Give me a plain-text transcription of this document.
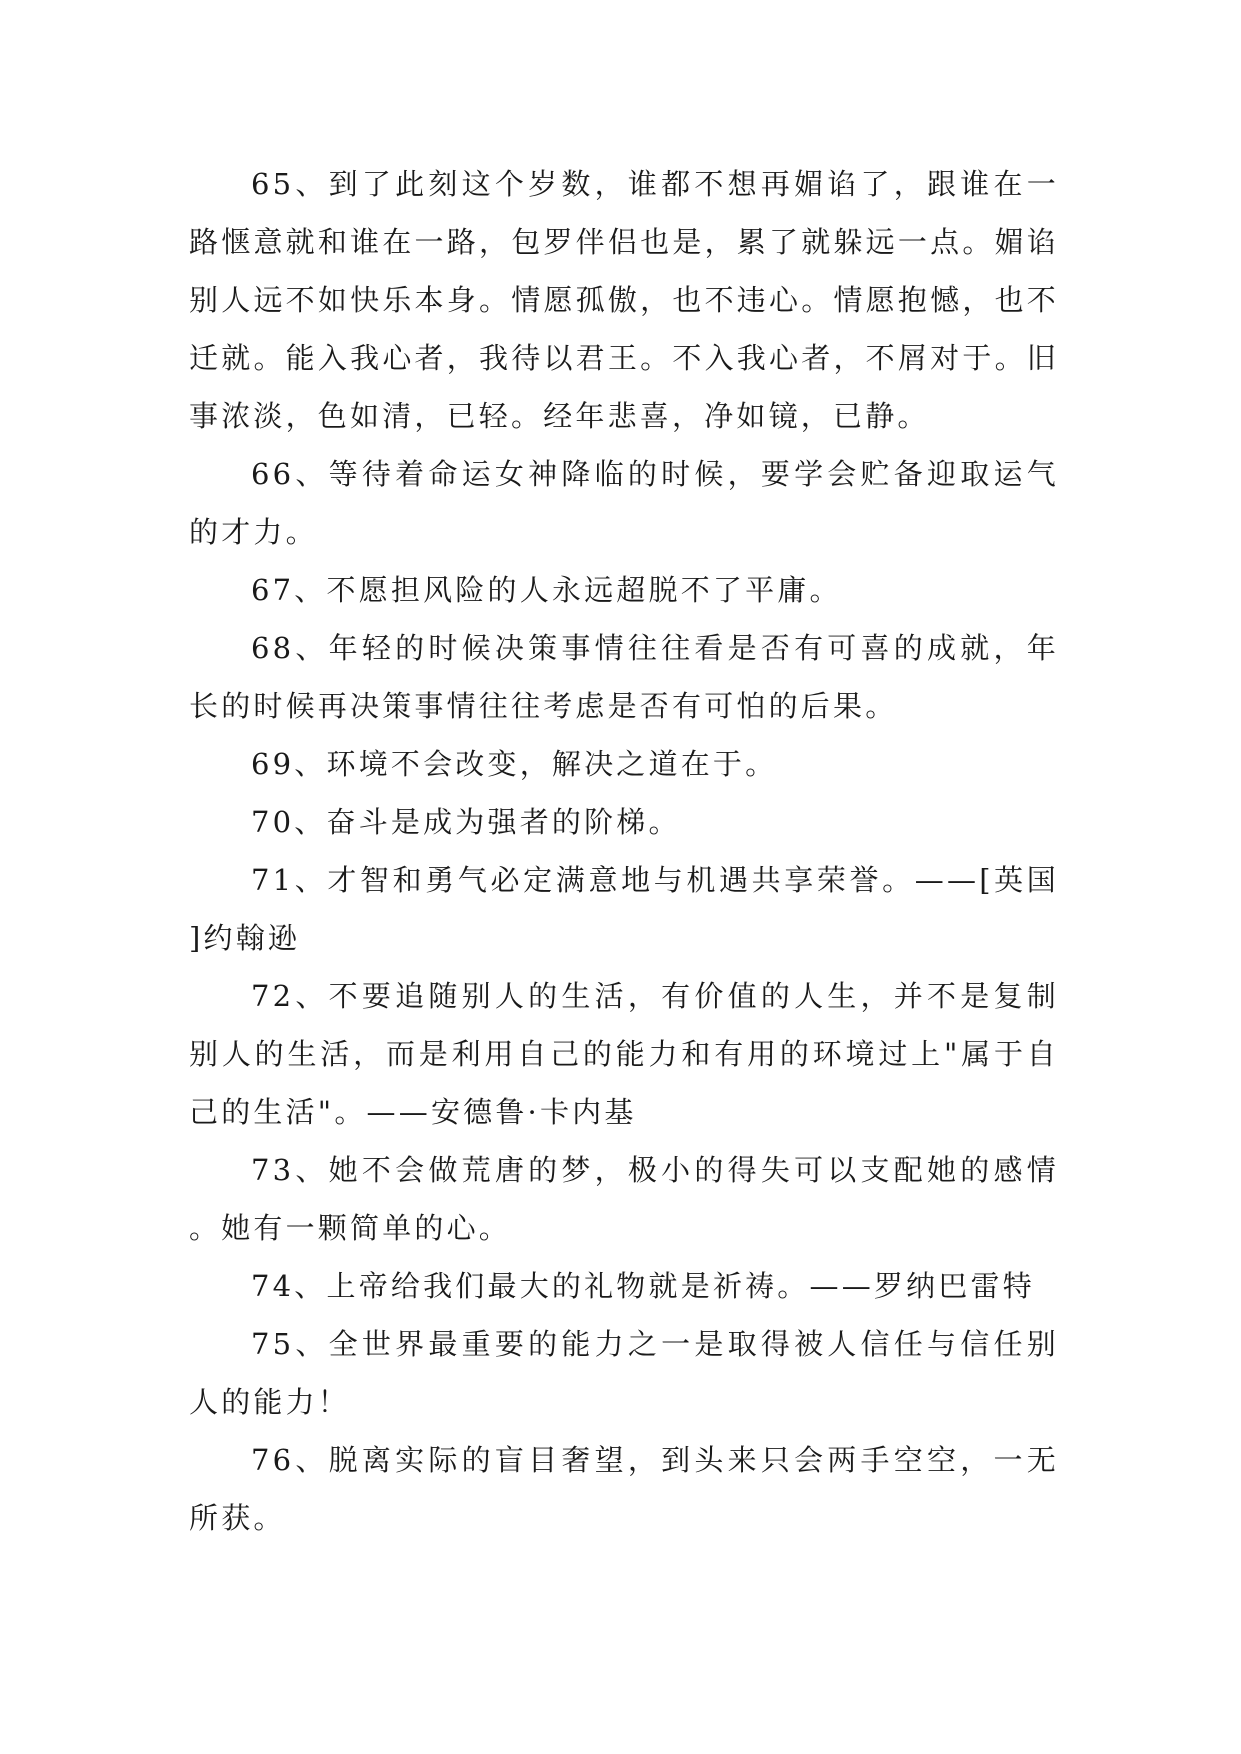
65、到了此刻这个岁数，谁都不想再媚谄了，跟谁在一路惬意就和谁在一路，包罗伴侣也是，累了就躲远一点。媚谄别人远不如快乐本身。情愿孤傲，也不违心。情愿抱憾，也不迁就。能入我心者，我待以君王。不入我心者，不屑对于。旧事浓淡，色如清，已轻。经年悲喜，净如镜，已静。

66、等待着命运女神降临的时候，要学会贮备迎取运气的才力。

67、不愿担风险的人永远超脱不了平庸。

68、年轻的时候决策事情往往看是否有可喜的成就，年长的时候再决策事情往往考虑是否有可怕的后果。

69、环境不会改变，解决之道在于。

70、奋斗是成为强者的阶梯。

71、才智和勇气必定满意地与机遇共享荣誉。——[英国]约翰逊

72、不要追随别人的生活，有价值的人生，并不是复制别人的生活，而是利用自己的能力和有用的环境过上"属于自己的生活"。——安德鲁·卡内基

73、她不会做荒唐的梦，极小的得失可以支配她的感情。她有一颗简单的心。

74、上帝给我们最大的礼物就是祈祷。——罗纳巴雷特

75、全世界最重要的能力之一是取得被人信任与信任别人的能力！

76、脱离实际的盲目奢望，到头来只会两手空空，一无所获。
